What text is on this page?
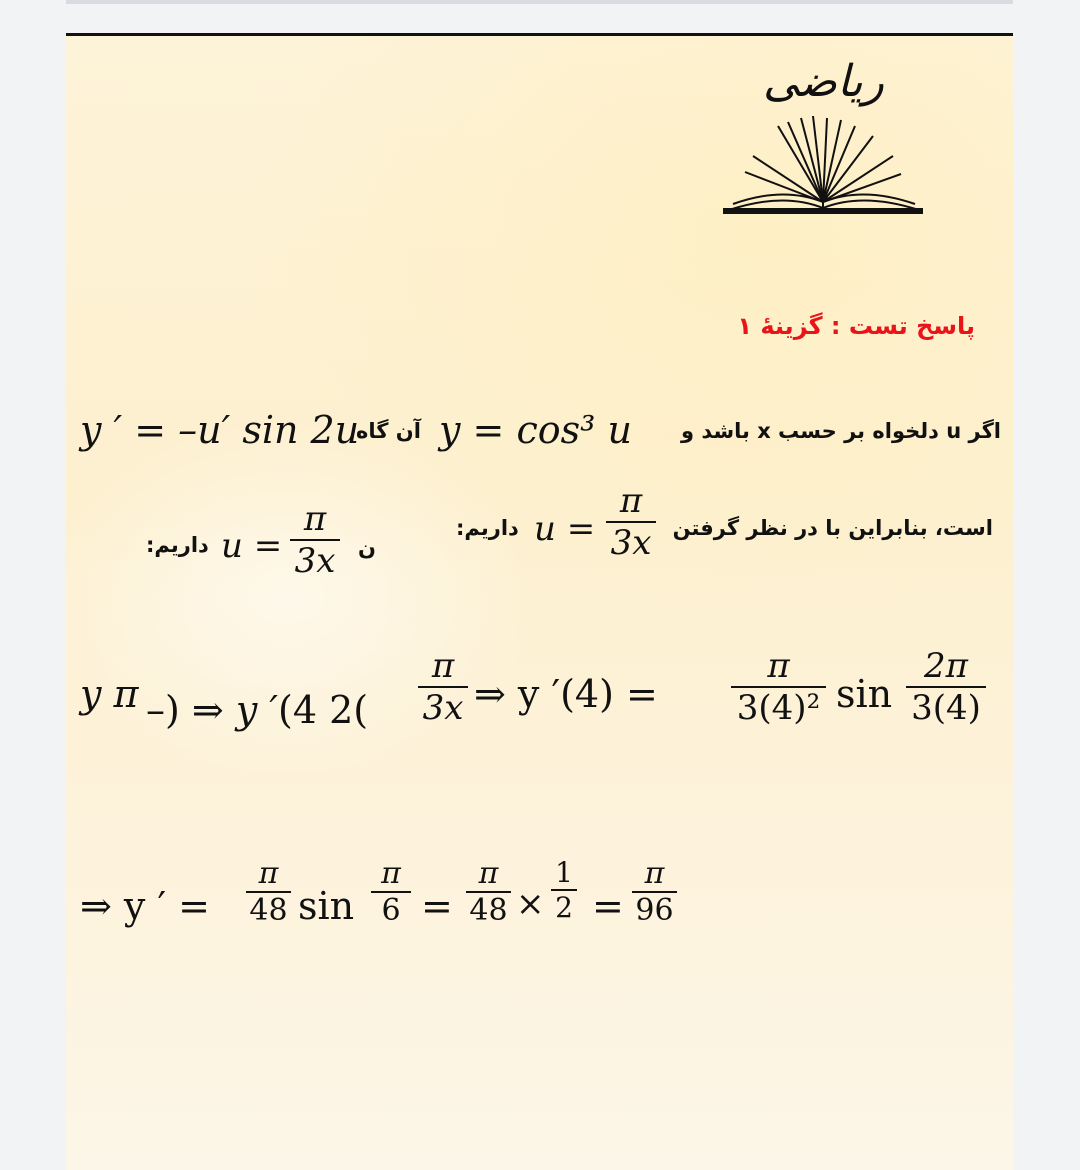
ریاضی
پاسخ تست : گزینهٔ ۱
اگر u دلخواه بر حسب x باشد و
y = cos³ u
آن گاه
y ′ = –u′ sin 2u
است، بنابراین با در نظر گرفتن
π
3x
u =
داریم:
ن
π
3x
u =
داریم:
y π –) ⇒ y ′(4 2(
π
3x ⇒ y ′(4) =
π
3(4)² sin
2π
3(4)
⇒ y ′ =
π
48 sin
π
6 =
π
48 ×
1
2 =
π
96
